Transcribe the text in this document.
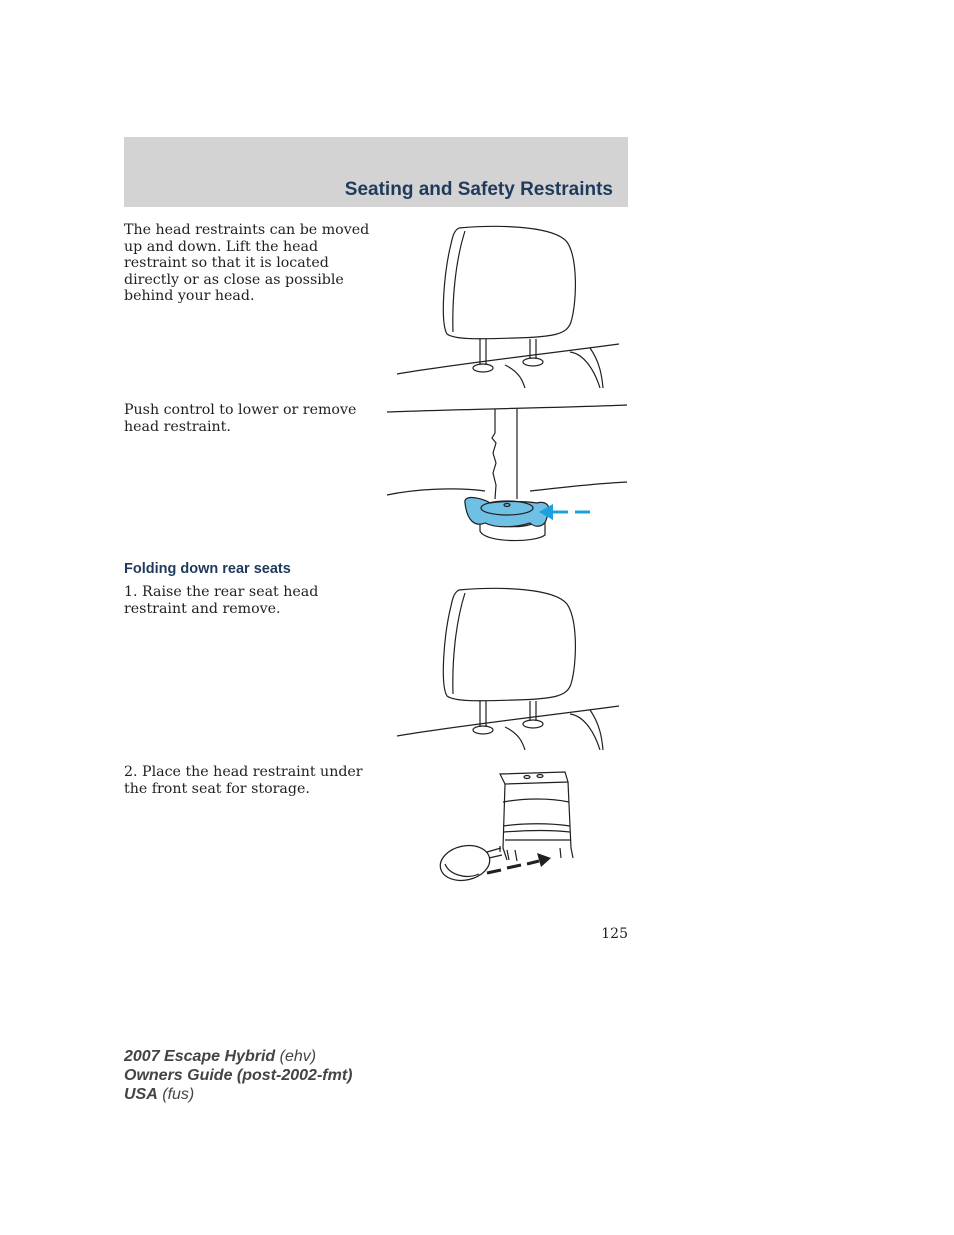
Seating and Safety Restraints

The head restraints can be moved up and down. Lift the head restraint so that it is located directly or as close as possible behind your head.

Push control to lower or remove head restraint.

Folding down rear seats

1. Raise the rear seat head restraint and remove.

2. Place the head restraint under the front seat for storage.

125
2007 Escape Hybrid (ehv)
Owners Guide (post-2002-fmt)
USA (fus)
